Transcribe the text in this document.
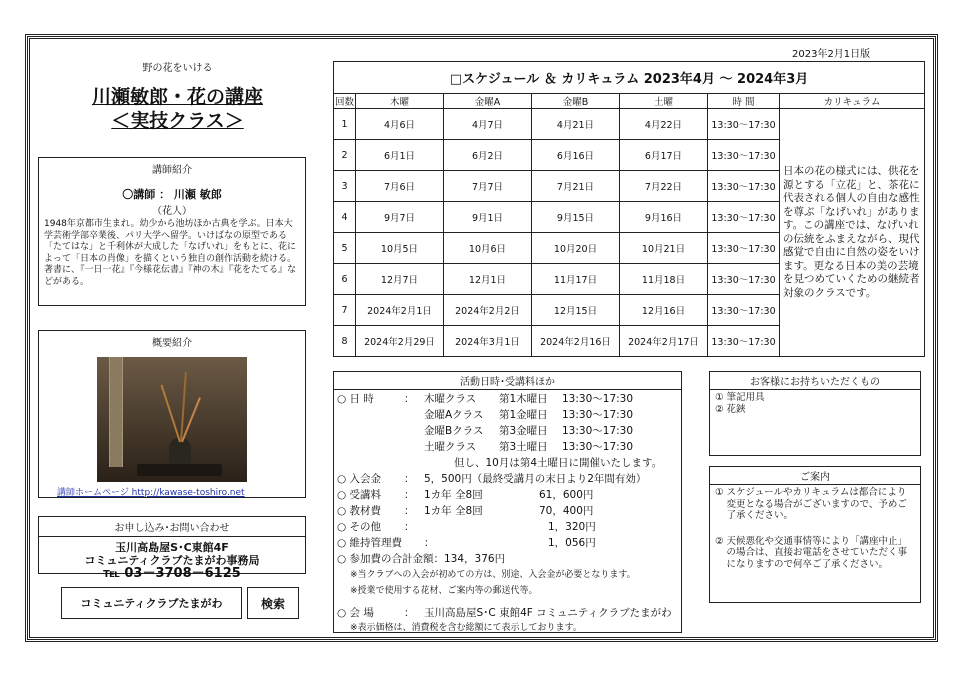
野の花をいける
川瀬敏郎・花の講座
＜実技クラス＞
講師紹介
〇講師 ： 川瀬 敏郎
（花人）
1948年京都市生まれ。幼少から池坊ほか古典を学ぶ。日本大学芸術学部卒業後、パリ大学へ留学。いけばなの原型である「たてはな」と千利休が大成した「なげいれ」をもとに、花によって「日本の肖像」を描くという独自の創作活動を続ける。著書に、『一日一花』『今様花伝書』『神の木』『花をたてる』などがある。
概要紹介
講師ホームページ http://kawase-toshiro.net
お申し込み･お問い合わせ
玉川高島屋S･C東館4F
コミュニティクラブたまがわ事務局
℡ 03－3708－6125
コミュニティクラブたまがわ	検索
2023年2月1日版
□スケジュール ＆ カリキュラム 2023年4月 ～ 2024年3月						
回数	木曜	金曜A	金曜B	土曜	時 間	カリキュラム
1	4月6日	4月7日	4月21日	4月22日	13:30～17:30	日本の花の様式には、供花を源とする「立花」と、茶花に代表される個人の自由な感性を尊ぶ「なげいれ」があります。この講座では、なげいれの伝統をふまえながら、現代感覚で自由に自然の姿をいけます。更なる日本の美の芸境を見つめていくための継続者対象のクラスです。
2	6月1日	6月2日	6月16日	6月17日	13:30～17:30	
3	7月6日	7月7日	7月21日	7月22日	13:30～17:30	
4	9月7日	9月1日	9月15日	9月16日	13:30～17:30	
5	10月5日	10月6日	10月20日	10月21日	13:30～17:30	
6	12月7日	12月1日	11月17日	11月18日	13:30～17:30	
7	2024年2月1日	2024年2月2日	12月15日	12月16日	13:30～17:30	
8	2024年2月29日	2024年3月1日	2024年2月16日	2024年2月17日	13:30～17:30	
活動日時･受講料ほか
○ 日 時	： 木曜クラス 第1木曜日 13:30～17:30
金曜Aクラス 第1金曜日 13:30～17:30
金曜Bクラス 第3金曜日 13:30～17:30
土曜クラス 第3土曜日 13:30～17:30
但し、10月は第4土曜日に開催いたします。
○ 入会金 ： 5，500円（最終受講月の末日より2年間有効）
○ 受講料 ： 1カ年 全8回	61，600円
○ 教材費 ： 1カ年 全8回	70，400円
○ その他 ：	1，320円
○ 維持管理費 ：	1，056円
○ 参加費の合計金額：134，376円
※当クラブへの入会が初めての方は、別途、入会金が必要となります。
※授業で使用する花材、ご案内等の郵送代等。
○ 会 場	： 玉川高島屋S･C 東館4F コミュニティクラブたまがわ
※表示価格は、消費税を含む総額にて表示しております。
お客様にお持ちいただくもの
① 筆記用具
② 花鋏
ご案内
① スケジュールやカリキュラムは都合により変更となる場合がございますので、予めご了承ください。
② 天候悪化や交通事情等により「講座中止」の場合は、直接お電話をさせていただく事になりますので何卒ご了承ください。
